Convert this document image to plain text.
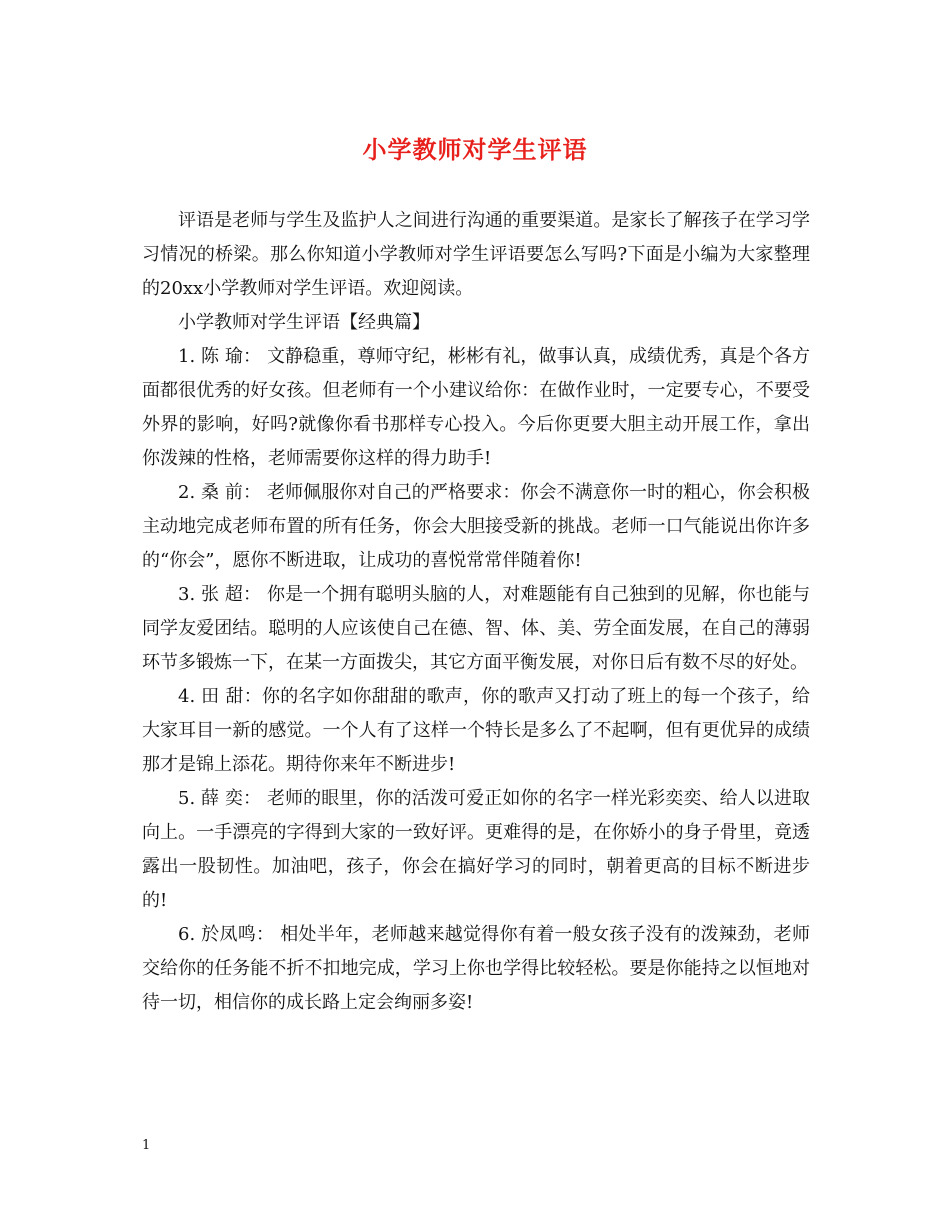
小学教师对学生评语

评语是老师与学生及监护人之间进行沟通的重要渠道。是家长了解孩子在学习学习情况的桥梁。那么你知道小学教师对学生评语要怎么写吗?下面是小编为大家整理的20xx小学教师对学生评语。欢迎阅读。

小学教师对学生评语【经典篇】

1. 陈 瑜： 文静稳重，尊师守纪，彬彬有礼，做事认真，成绩优秀，真是个各方面都很优秀的好女孩。但老师有一个小建议给你：在做作业时，一定要专心，不要受外界的影响，好吗?就像你看书那样专心投入。今后你更要大胆主动开展工作，拿出你泼辣的性格，老师需要你这样的得力助手!

2. 桑 前： 老师佩服你对自己的严格要求：你会不满意你一时的粗心，你会积极主动地完成老师布置的所有任务，你会大胆接受新的挑战。老师一口气能说出你许多的“你会”，愿你不断进取，让成功的喜悦常常伴随着你!

3. 张 超： 你是一个拥有聪明头脑的人，对难题能有自己独到的见解，你也能与同学友爱团结。聪明的人应该使自己在德、智、体、美、劳全面发展，在自己的薄弱环节多锻炼一下，在某一方面拨尖，其它方面平衡发展，对你日后有数不尽的好处。

4. 田 甜：你的名字如你甜甜的歌声，你的歌声又打动了班上的每一个孩子，给大家耳目一新的感觉。一个人有了这样一个特长是多么了不起啊，但有更优异的成绩那才是锦上添花。期待你来年不断进步!

5. 薛 奕： 老师的眼里，你的活泼可爱正如你的名字一样光彩奕奕、给人以进取向上。一手漂亮的字得到大家的一致好评。更难得的是，在你娇小的身子骨里，竟透露出一股韧性。加油吧，孩子，你会在搞好学习的同时，朝着更高的目标不断进步的!

6. 於凤鸣： 相处半年，老师越来越觉得你有着一般女孩子没有的泼辣劲，老师交给你的任务能不折不扣地完成，学习上你也学得比较轻松。要是你能持之以恒地对待一切，相信你的成长路上定会绚丽多姿!

1
